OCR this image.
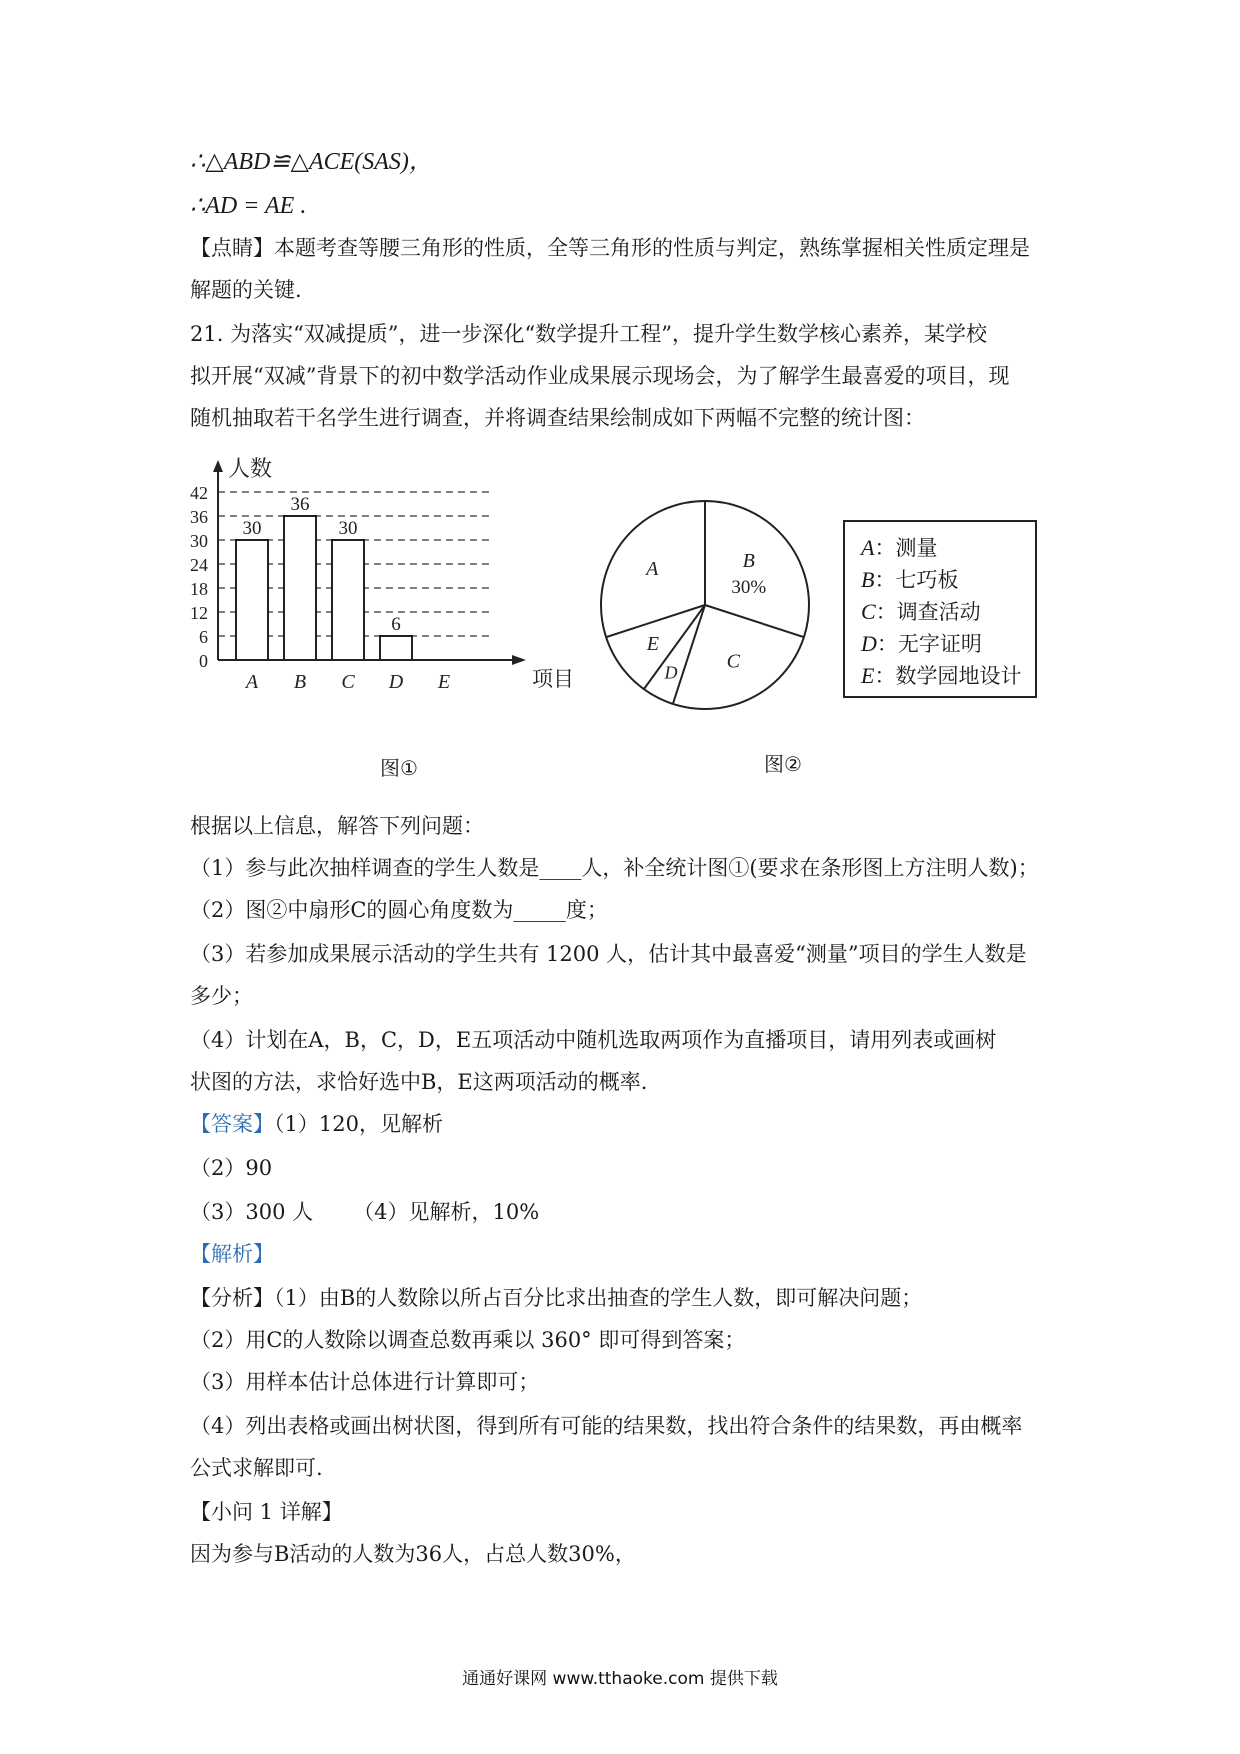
∴△ABD≌△ACE(SAS)，

∴AD = AE .

【点睛】本题考查等腰三角形的性质，全等三角形的性质与判定，熟练掌握相关性质定理是

解题的关键.

21. 为落实“双减提质”，进一步深化“数学提升工程”，提升学生数学核心素养，某学校

拟开展“双减”背景下的初中数学活动作业成果展示现场会，为了解学生最喜爱的项目，现

随机抽取若干名学生进行调查，并将调查结果绘制成如下两幅不完整的统计图：

人数
项目
0
6
12
18
24
30
36
42
30
A
36
B
30
C
6
D E
图①
A	B
30%
C
D
E
图②
A：测量
B：七巧板
C：调查活动
D：无字证明
E：数学园地设计

根据以上信息，解答下列问题：

（1）参与此次抽样调查的学生人数是____人，补全统计图①(要求在条形图上方注明人数)；

（2）图②中扇形C的圆心角度数为_____度；

（3）若参加成果展示活动的学生共有 1200 人，估计其中最喜爱“测量”项目的学生人数是

多少；

（4）计划在A，B，C，D，E五项活动中随机选取两项作为直播项目，请用列表或画树

状图的方法，求恰好选中B，E这两项活动的概率.

【答案】（1）120，见解析

（2）90

（3）300 人 （4）见解析，10%

【解析】

【分析】（1）由B的人数除以所占百分比求出抽查的学生人数，即可解决问题；

（2）用C的人数除以调查总数再乘以 360° 即可得到答案；

（3）用样本估计总体进行计算即可；

（4）列出表格或画出树状图，得到所有可能的结果数，找出符合条件的结果数，再由概率

公式求解即可.

【小问 1 详解】

因为参与B活动的人数为36人，占总人数30%，

通通好课网 www.tthaoke.com 提供下载
